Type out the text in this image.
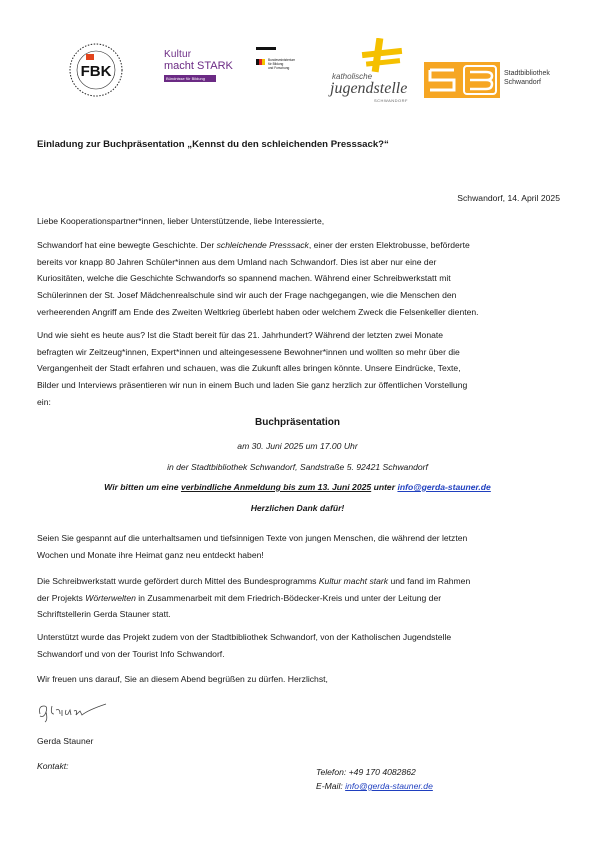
FBK
Kultur
macht STARK
Bündnisse für Bildung
Bundesministerium
für Bildung
und Forschung
katholische
jugendstelle
SCHWANDORF
Stadtbibliothek
Schwandorf
Einladung zur Buchpräsentation „Kennst du den schleichenden Presssack?“
Schwandorf, 14. April 2025
Liebe Kooperationspartner*innen, lieber Unterstützende, liebe Interessierte,
Schwandorf hat eine bewegte Geschichte. Der schleichende Presssack, einer der ersten Elektrobusse, beförderte
bereits vor knapp 80 Jahren Schüler*innen aus dem Umland nach Schwandorf. Dies ist aber nur eine der
Kuriositäten, welche die Geschichte Schwandorfs so spannend machen. Während einer Schreibwerkstatt mit
Schülerinnen der St. Josef Mädchenrealschule sind wir auch der Frage nachgegangen, wie die Menschen den
verheerenden Angriff am Ende des Zweiten Weltkrieg überlebt haben oder welchem Zweck die Felsenkeller dienten.
Und wie sieht es heute aus? Ist die Stadt bereit für das 21. Jahrhundert? Während der letzten zwei Monate
befragten wir Zeitzeug*innen, Expert*innen und alteingesessene Bewohner*innen und wollten so mehr über die
Vergangenheit der Stadt erfahren und schauen, was die Zukunft alles bringen könnte. Unsere Eindrücke, Texte,
Bilder und Interviews präsentieren wir nun in einem Buch und laden Sie ganz herzlich zur öffentlichen Vorstellung
ein:
Buchpräsentation
am 30. Juni 2025 um 17.00 Uhr
in der Stadtbibliothek Schwandorf, Sandstraße 5. 92421 Schwandorf
Wir bitten um eine verbindliche Anmeldung bis zum 13. Juni 2025 unter info@gerda-stauner.de
Herzlichen Dank dafür!
Seien Sie gespannt auf die unterhaltsamen und tiefsinnigen Texte von jungen Menschen, die während der letzten
Wochen und Monate ihre Heimat ganz neu entdeckt haben!
Die Schreibwerkstatt wurde gefördert durch Mittel des Bundesprogramms Kultur macht stark und fand im Rahmen
der Projekts Wörterwelten in Zusammenarbeit mit dem Friedrich-Bödecker-Kreis und unter der Leitung der
Schriftstellerin Gerda Stauner statt.
Unterstützt wurde das Projekt zudem von der Stadtbibliothek Schwandorf, von der Katholischen Jugendstelle
Schwandorf und von der Tourist Info Schwandorf.
Wir freuen uns darauf, Sie an diesem Abend begrüßen zu dürfen. Herzlichst,
Gerda Stauner
Kontakt:
Telefon: +49 170 4082862
E-Mail: info@gerda-stauner.de
